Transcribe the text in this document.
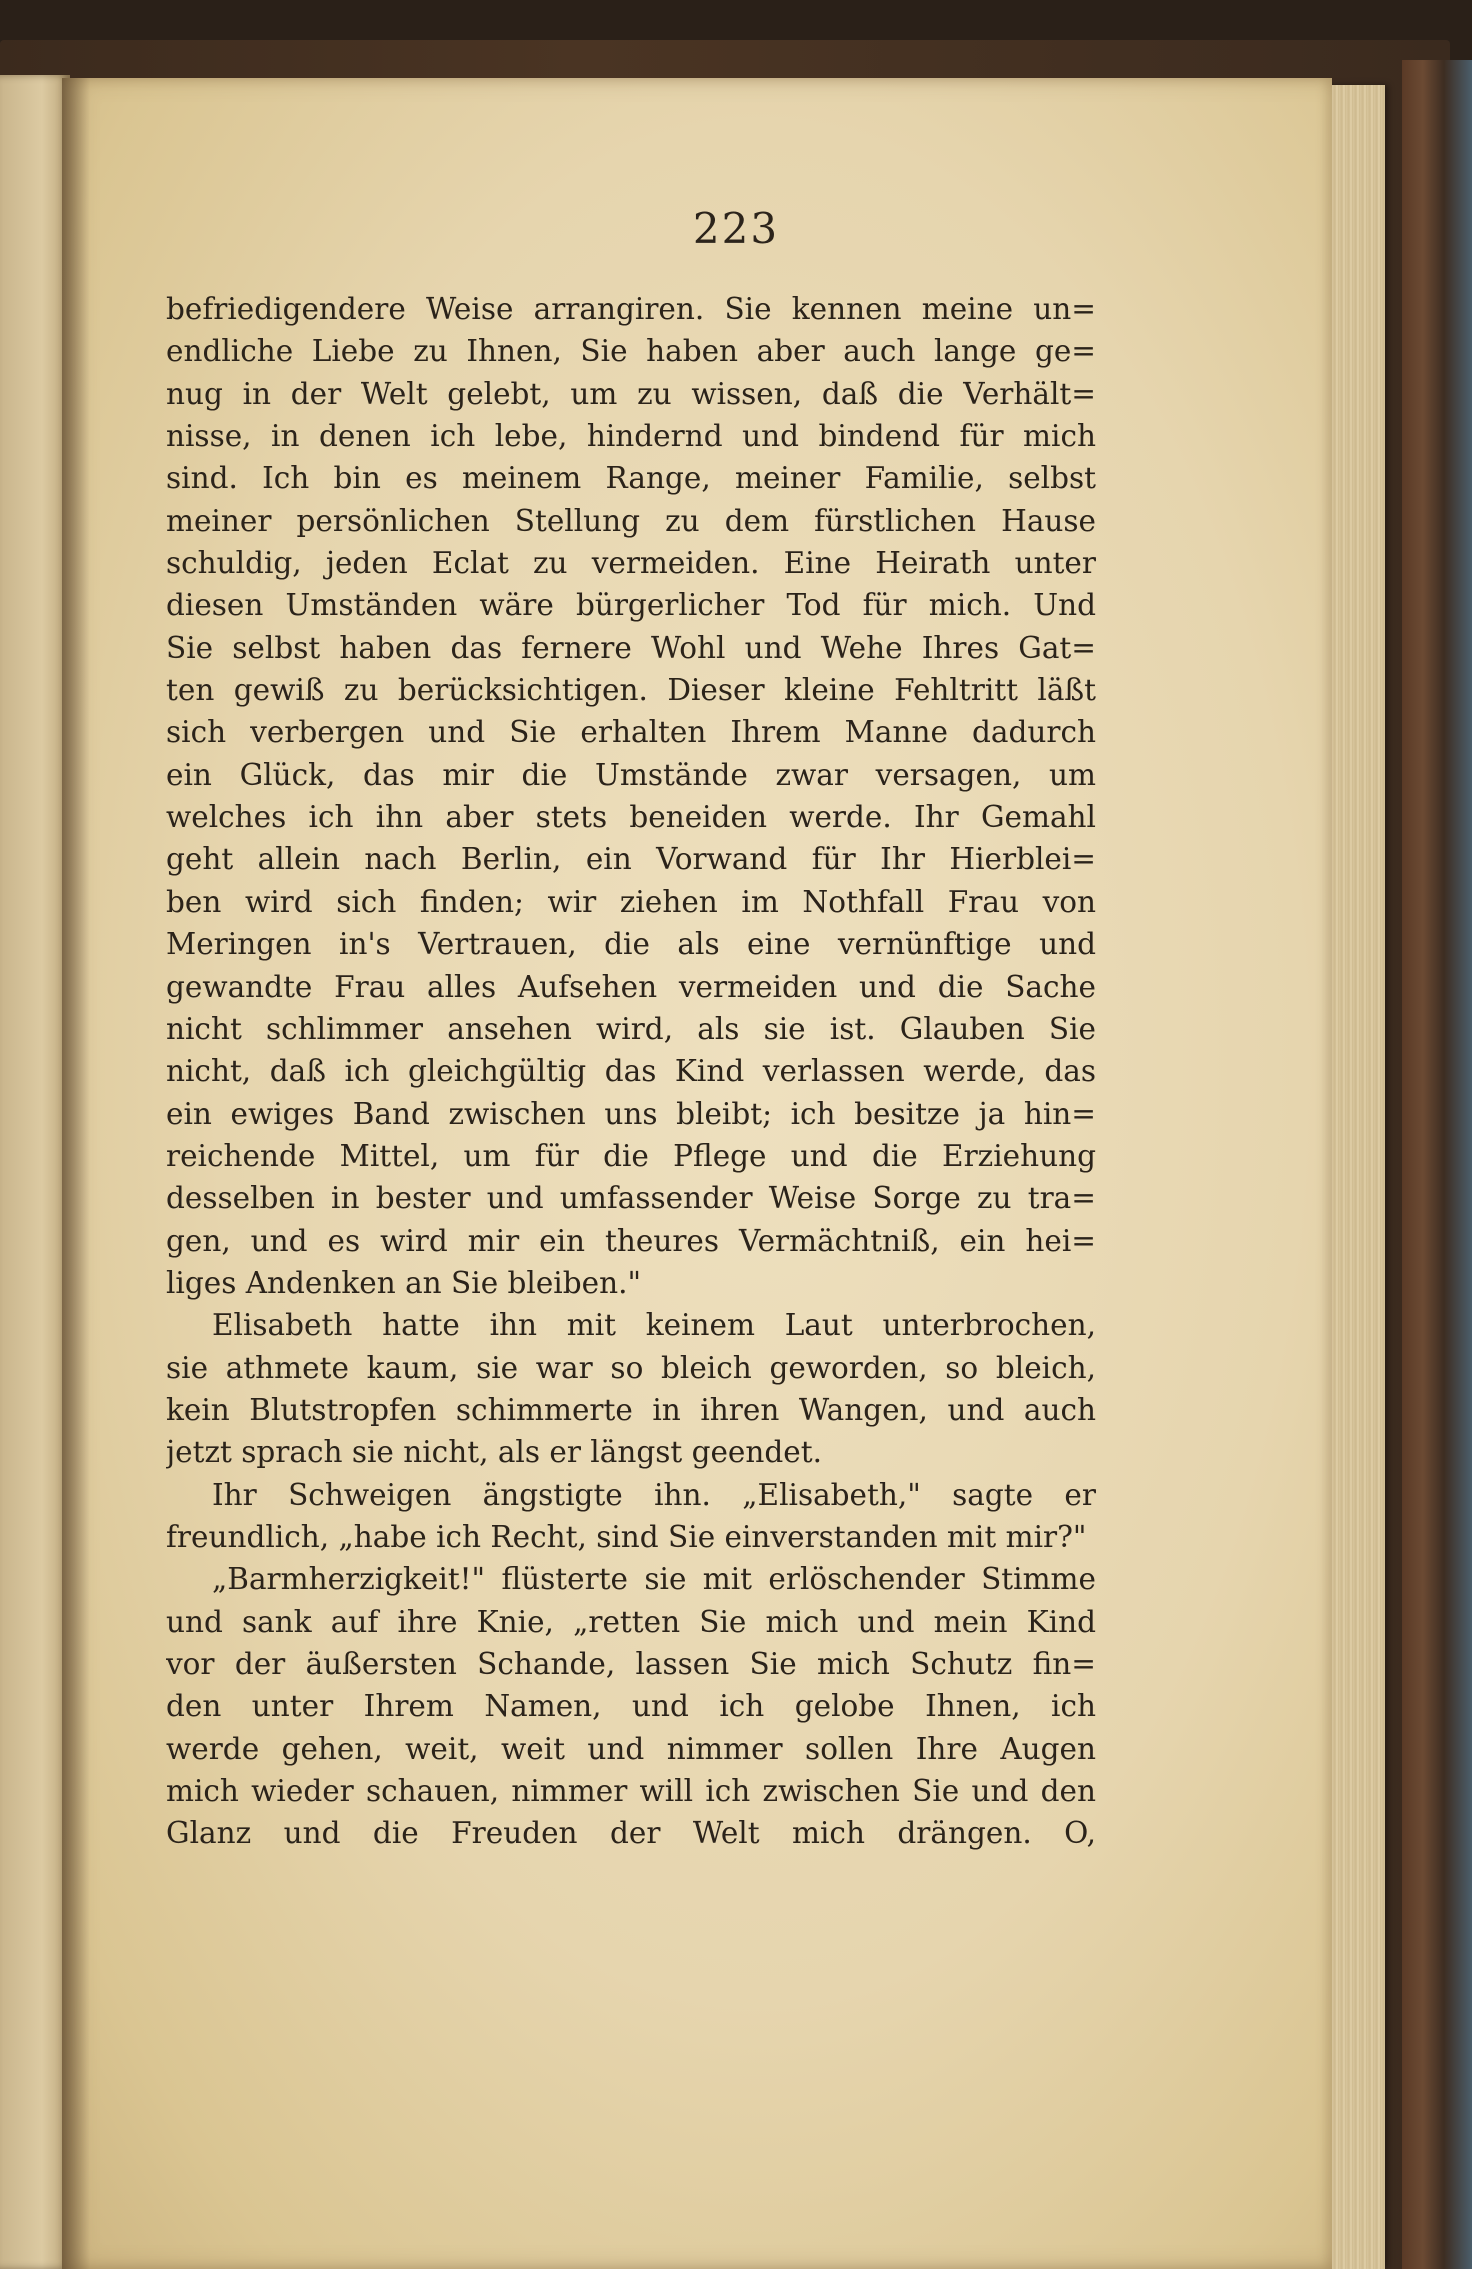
223
befriedigendere Weise arrangiren. Sie kennen meine un=
endliche Liebe zu Ihnen, Sie haben aber auch lange ge=
nug in der Welt gelebt, um zu wissen, daß die Verhält=
nisse, in denen ich lebe, hindernd und bindend für mich
sind. Ich bin es meinem Range, meiner Familie, selbst
meiner persönlichen Stellung zu dem fürstlichen Hause
schuldig, jeden Eclat zu vermeiden. Eine Heirath unter
diesen Umständen wäre bürgerlicher Tod für mich. Und
Sie selbst haben das fernere Wohl und Wehe Ihres Gat=
ten gewiß zu berücksichtigen. Dieser kleine Fehltritt läßt
sich verbergen und Sie erhalten Ihrem Manne dadurch
ein Glück, das mir die Umstände zwar versagen, um
welches ich ihn aber stets beneiden werde. Ihr Gemahl
geht allein nach Berlin, ein Vorwand für Ihr Hierblei=
ben wird sich finden; wir ziehen im Nothfall Frau von
Meringen in's Vertrauen, die als eine vernünftige und
gewandte Frau alles Aufsehen vermeiden und die Sache
nicht schlimmer ansehen wird, als sie ist. Glauben Sie
nicht, daß ich gleichgültig das Kind verlassen werde, das
ein ewiges Band zwischen uns bleibt; ich besitze ja hin=
reichende Mittel, um für die Pflege und die Erziehung
desselben in bester und umfassender Weise Sorge zu tra=
gen, und es wird mir ein theures Vermächtniß, ein hei=
liges Andenken an Sie bleiben."
Elisabeth hatte ihn mit keinem Laut unterbrochen,
sie athmete kaum, sie war so bleich geworden, so bleich,
kein Blutstropfen schimmerte in ihren Wangen, und auch
jetzt sprach sie nicht, als er längst geendet.
Ihr Schweigen ängstigte ihn. „Elisabeth," sagte er
freundlich, „habe ich Recht, sind Sie einverstanden mit mir?"
„Barmherzigkeit!" flüsterte sie mit erlöschender Stimme
und sank auf ihre Knie, „retten Sie mich und mein Kind
vor der äußersten Schande, lassen Sie mich Schutz fin=
den unter Ihrem Namen, und ich gelobe Ihnen, ich
werde gehen, weit, weit und nimmer sollen Ihre Augen
mich wieder schauen, nimmer will ich zwischen Sie und den
Glanz und die Freuden der Welt mich drängen. O,
